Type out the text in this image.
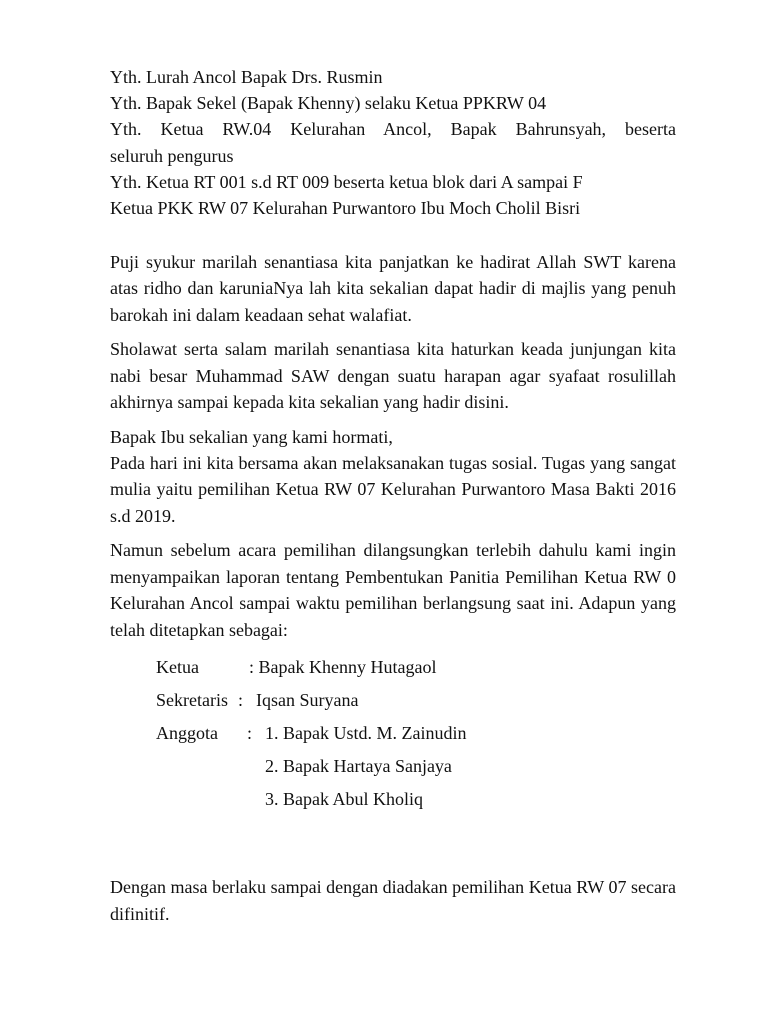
Yth. Lurah Ancol Bapak Drs. Rusmin

Yth. Bapak Sekel (Bapak Khenny) selaku Ketua PPKRW 04

Yth. Ketua RW.04 Kelurahan Ancol, Bapak Bahrunsyah, beserta

seluruh pengurus

Yth. Ketua RT 001 s.d RT 009 beserta ketua blok dari A sampai F

Ketua PKK RW 07 Kelurahan Purwantoro Ibu Moch Cholil Bisri

Puji syukur marilah senantiasa kita panjatkan ke hadirat Allah SWT karena atas ridho dan karuniaNya lah kita sekalian dapat hadir di majlis yang penuh barokah ini dalam keadaan sehat walafiat.

Sholawat serta salam marilah senantiasa kita haturkan keada junjungan kita nabi besar Muhammad SAW dengan suatu harapan agar syafaat rosulillah akhirnya sampai kepada kita sekalian yang hadir disini.

Bapak Ibu sekalian yang kami hormati,

Pada hari ini kita bersama akan melaksanakan tugas sosial. Tugas yang sangat mulia yaitu pemilihan Ketua RW 07 Kelurahan Purwantoro Masa Bakti 2016 s.d 2019.

Namun sebelum acara pemilihan dilangsungkan terlebih dahulu kami ingin menyampaikan laporan tentang Pembentukan Panitia Pemilihan Ketua RW 0 Kelurahan Ancol sampai waktu pemilihan berlangsung saat ini. Adapun yang telah ditetapkan sebagai:

Ketua	: Bapak Khenny Hutagaol
Sekretaris : Iqsan Suryana
Anggota	: 1. Bapak Ustd. M. Zainudin
2. Bapak Hartaya Sanjaya
3. Bapak Abul Kholiq

Dengan masa berlaku sampai dengan diadakan pemilihan Ketua RW 07 secara difinitif.
